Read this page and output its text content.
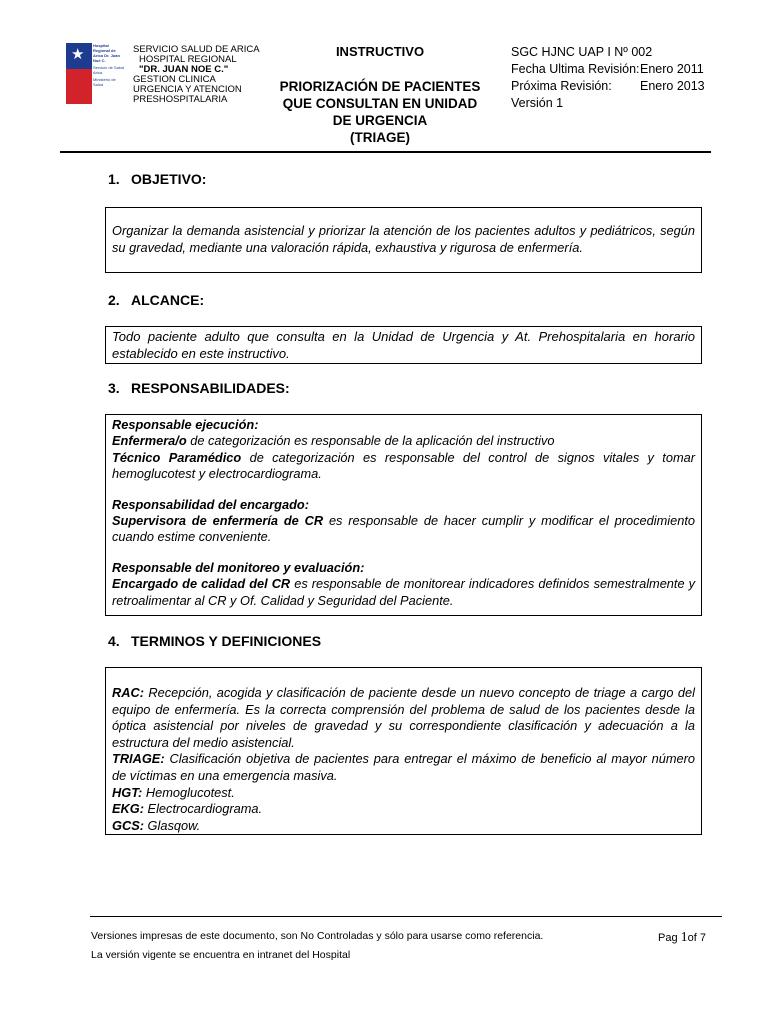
★
Hospital Regional de Arica Dr. Juan Noé C.
Servicio de Salud Arica
Ministerio de Salud
SERVICIO SALUD DE ARICA
HOSPITAL REGIONAL
"DR. JUAN NOE C."
GESTION CLINICA
URGENCIA Y ATENCION
PRESHOSPITALARIA
INSTRUCTIVO
PRIORIZACIÓN DE PACIENTES
QUE CONSULTAN EN UNIDAD
DE URGENCIA
(TRIAGE)
SGC HJNC UAP I Nº 002
Fecha Ultima Revisión: Enero 2011
Próxima Revisión: Enero 2013
Versión 1
1. OBJETIVO:

Organizar la demanda asistencial y priorizar la atención de los pacientes adultos y pediátricos, según su gravedad, mediante una valoración rápida, exhaustiva y rigurosa de enfermería.

2. ALCANCE:

Todo paciente adulto que consulta en la Unidad de Urgencia y At. Prehospitalaria en horario establecido en este instructivo.

3. RESPONSABILIDADES:

Responsable ejecución:

Enfermera/o de categorización es responsable de la aplicación del instructivo

Técnico Paramédico de categorización es responsable del control de signos vitales y tomar hemoglucotest y electrocardiograma.

Responsabilidad del encargado:

Supervisora de enfermería de CR es responsable de hacer cumplir y modificar el procedimiento cuando estime conveniente.

Responsable del monitoreo y evaluación:

Encargado de calidad del CR es responsable de monitorear indicadores definidos semestralmente y retroalimentar al CR y Of. Calidad y Seguridad del Paciente.

4. TERMINOS Y DEFINICIONES

RAC: Recepción, acogida y clasificación de paciente desde un nuevo concepto de triage a cargo del equipo de enfermería. Es la correcta comprensión del problema de salud de los pacientes desde la óptica asistencial por niveles de gravedad y su correspondiente clasificación y adecuación a la estructura del medio asistencial.

TRIAGE: Clasificación objetiva de pacientes para entregar el máximo de beneficio al mayor número de víctimas en una emergencia masiva.

HGT: Hemoglucotest.

EKG: Electrocardiograma.

GCS: Glasqow.

Versiones impresas de este documento, son No Controladas y sólo para usarse como referencia.
La versión vigente se encuentra en intranet del Hospital
Pag 1of 7
